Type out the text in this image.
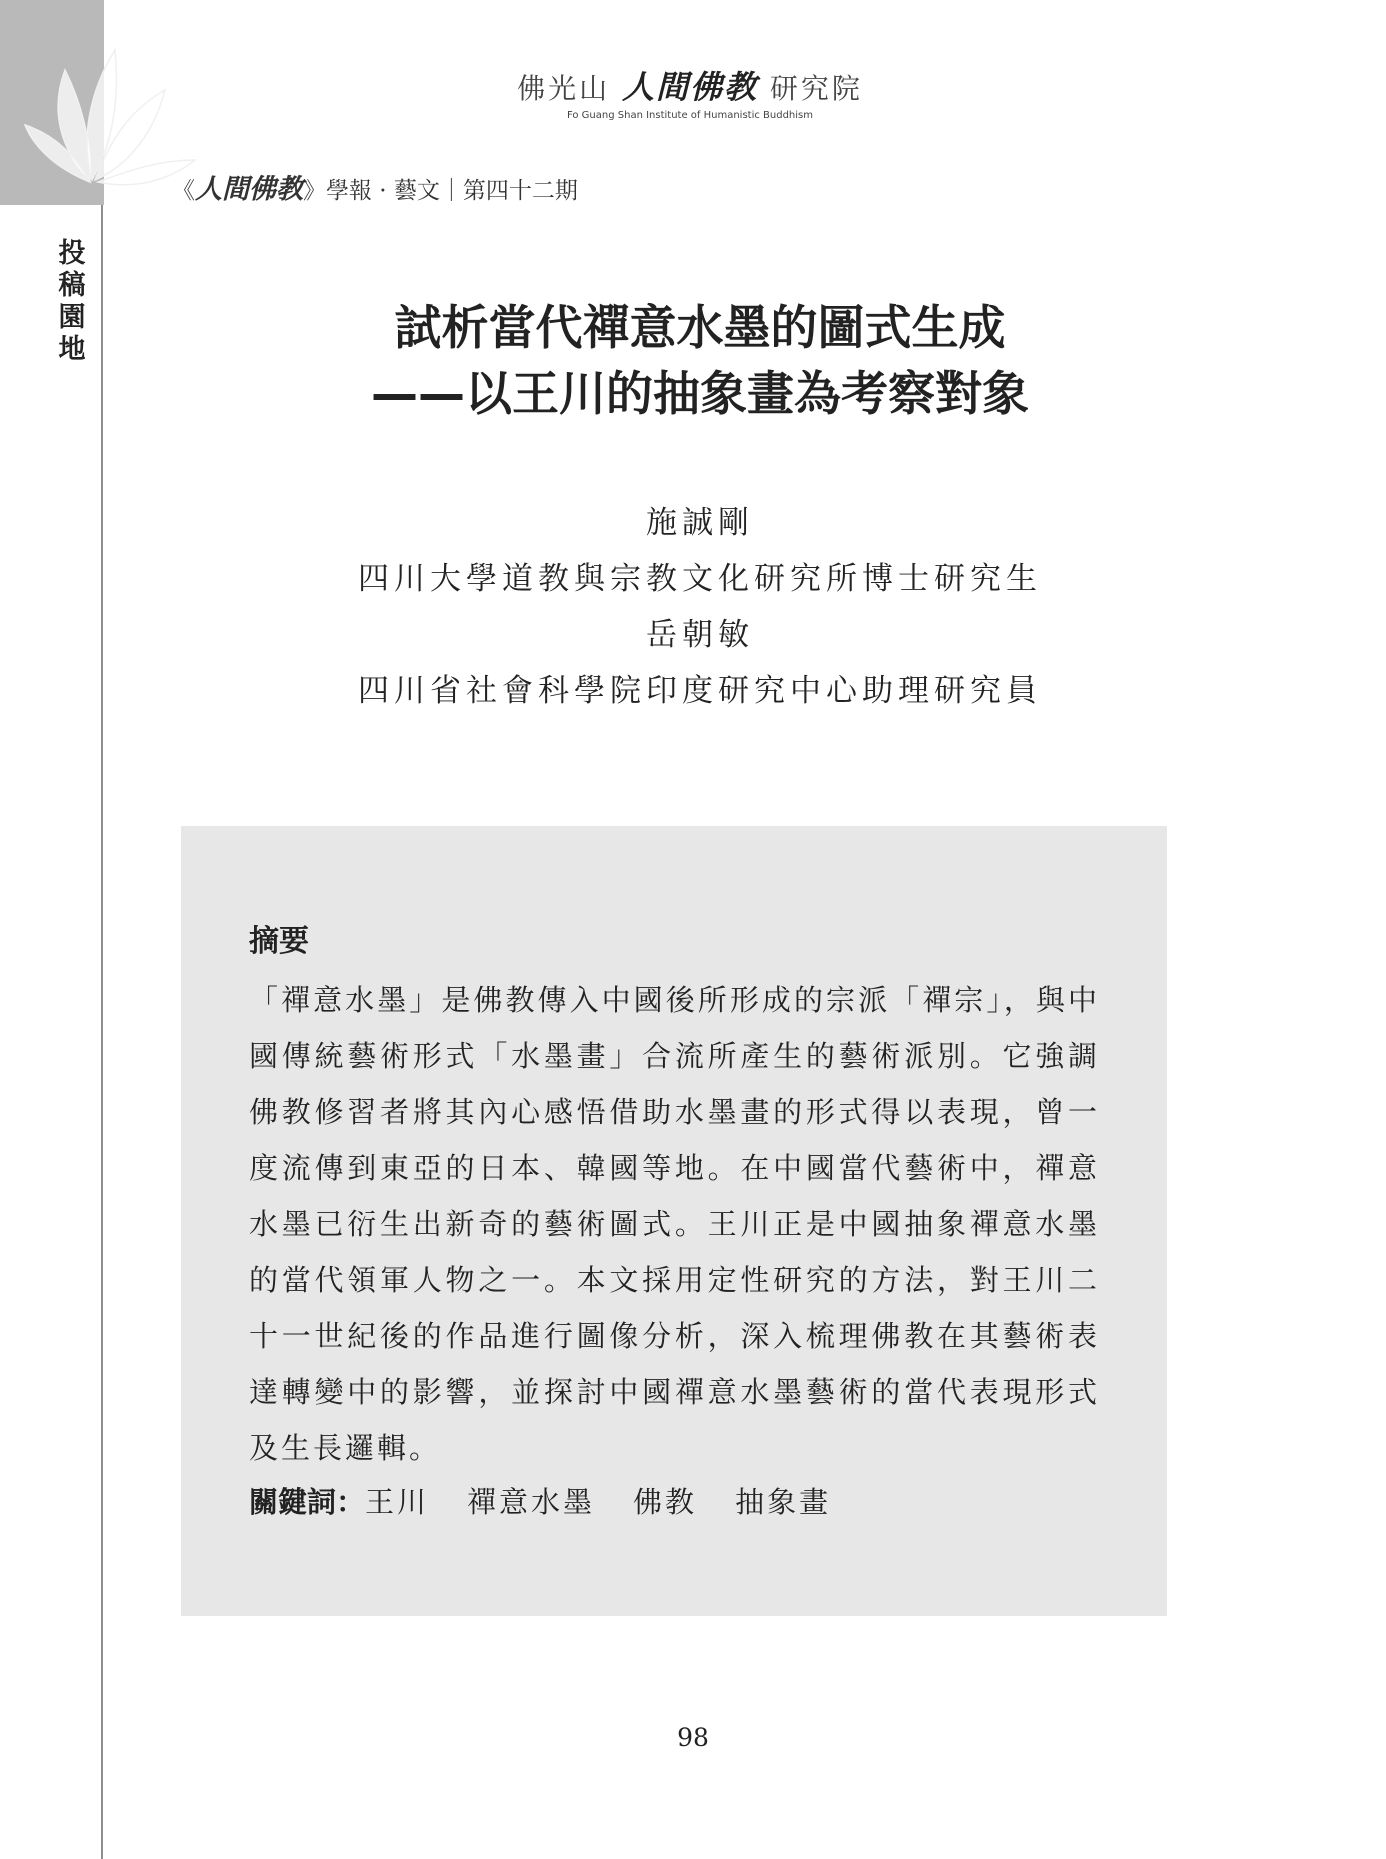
投稿園地
佛光山 人間佛教 研究院
Fo Guang Shan Institute of Humanistic Buddhism
《人間佛教》學報 · 藝文｜第四十二期
試析當代禪意水墨的圖式生成
——以王川的抽象畫為考察對象
施誠剛
四川大學道教與宗教文化研究所博士研究生
岳朝敏
四川省社會科學院印度研究中心助理研究員
摘要
「禪意水墨」是佛教傳入中國後所形成的宗派「禪宗」，與中國傳統藝術形式「水墨畫」合流所產生的藝術派別。它強調佛教修習者將其內心感悟借助水墨畫的形式得以表現，曾一度流傳到東亞的日本、韓國等地。在中國當代藝術中，禪意水墨已衍生出新奇的藝術圖式。王川正是中國抽象禪意水墨的當代領軍人物之一。本文採用定性研究的方法，對王川二十一世紀後的作品進行圖像分析，深入梳理佛教在其藝術表達轉變中的影響，並探討中國禪意水墨藝術的當代表現形式及生長邏輯。
關鍵詞：王川 禪意水墨 佛教 抽象畫
98
